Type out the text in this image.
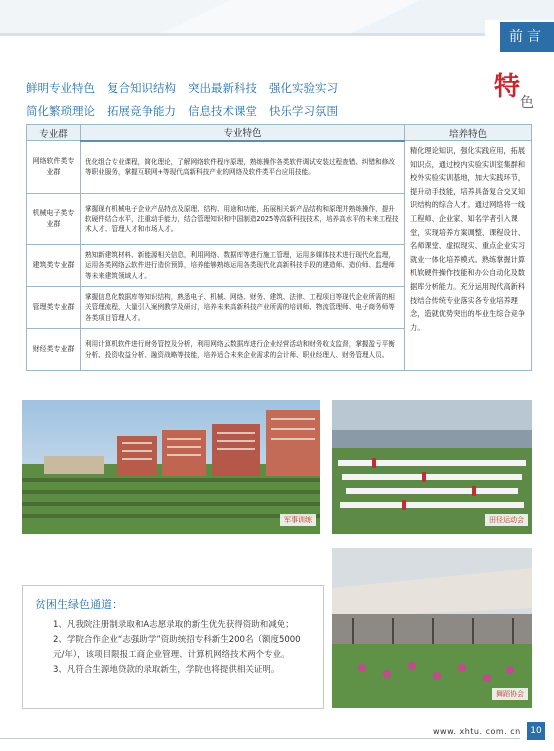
前言
鲜明专业特色 复合知识结构 突出最新科技 强化实验实习
简化繁琐理论 拓展竞争能力 信息技术课堂 快乐学习氛围
特
色
专业群	专业特色	培养特色
网络软件类专业群	优化组合专业课程，简化理论，了解网络软件程序原理，熟练操作各类软件调试安装过程查错、纠错和修改等职业服务，掌握互联网+等现代高新科技产业的网络及软件类平台应用技能。	精化理论知识，强化实践应用，拓展知识点，通过校内实验实训室集群和校外实验实训基地，加大实践环节，提升动手技能，培养具备复合交叉知识结构的综合人才。通过网络将一线工程师、企业家、知名学者引入课堂，实现培养方案调整、课程设计、名师课堂、虚拟现实、重点企业实习就业一体化培养模式。熟练掌握计算机软硬件操作技能和办公自动化及数据库分析能力。充分运用现代高新科技结合传统专业落实各专业培养理念，造就优势突出的毕业生综合竞争力。
机械电子类专业群	掌握现有机械电子企业产品特点及原理、结构、用途和功能，拓展相关新产品结构和原理并熟练操作，提升软硬件结合水平，注重动手能力，结合管理知识和中国制造2025等高新科技技术，培养高水平的未来工程技术人才、管理人才和市场人才。	
建筑类专业群	熟知新建筑材料、新能源相关信息，利用网络、数据库等进行施工管理，运用多媒体技术进行现代化监理，运用各类网络云软件进行造价预算，培养能够熟练运用各类现代化高新科技手段的建造师、造价师、监理师等未来建筑领域人才。	
管理类专业群	掌握信息化数据库等知识结构，熟悉电子、机械、网络、财务、建筑、法律、工程项目等现代企业所需的相关管理流程，大量引入案例教学及研讨，培养未来高新科技产业所需的培训师、物流管理师、电子商务师等各类项目管理人才。	
财经类专业群	利用计算机软件进行财务管控及分析，利用网络云数据库进行企业经营活动和财务收支监督，掌握盈亏平衡分析、投资收益分析、融资战略等技能，培养适合未来企业需求的会计师、职业经理人、财务管理人员。	
军事训练	田径运动会
贫困生绿色通道：
1、凡我院注册制录取和A志愿录取的新生优先获得资助和减免；
2、学院合作企业“志强助学”资助统招专科新生200名（额度5000元/年），该项目限报工商企业管理、计算机网络技术两个专业。
3、凡符合生源地贷款的录取新生，学院也将提供相关证明。
舞蹈协会
www. xhtu. com. cn	10
